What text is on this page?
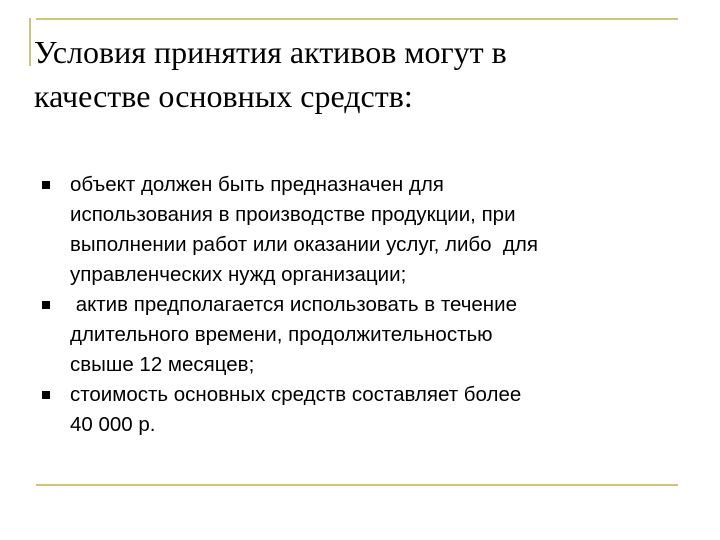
Условия принятия активов могут в
качестве основных средств:
объект должен быть предназначен для
использования в производстве продукции, при
выполнении работ или оказании услуг, либо  для
управленческих нужд организации;
актив предполагается использовать в течение
длительного времени, продолжительностью
свыше 12 месяцев;
стоимость основных средств составляет более
40 000 р.
